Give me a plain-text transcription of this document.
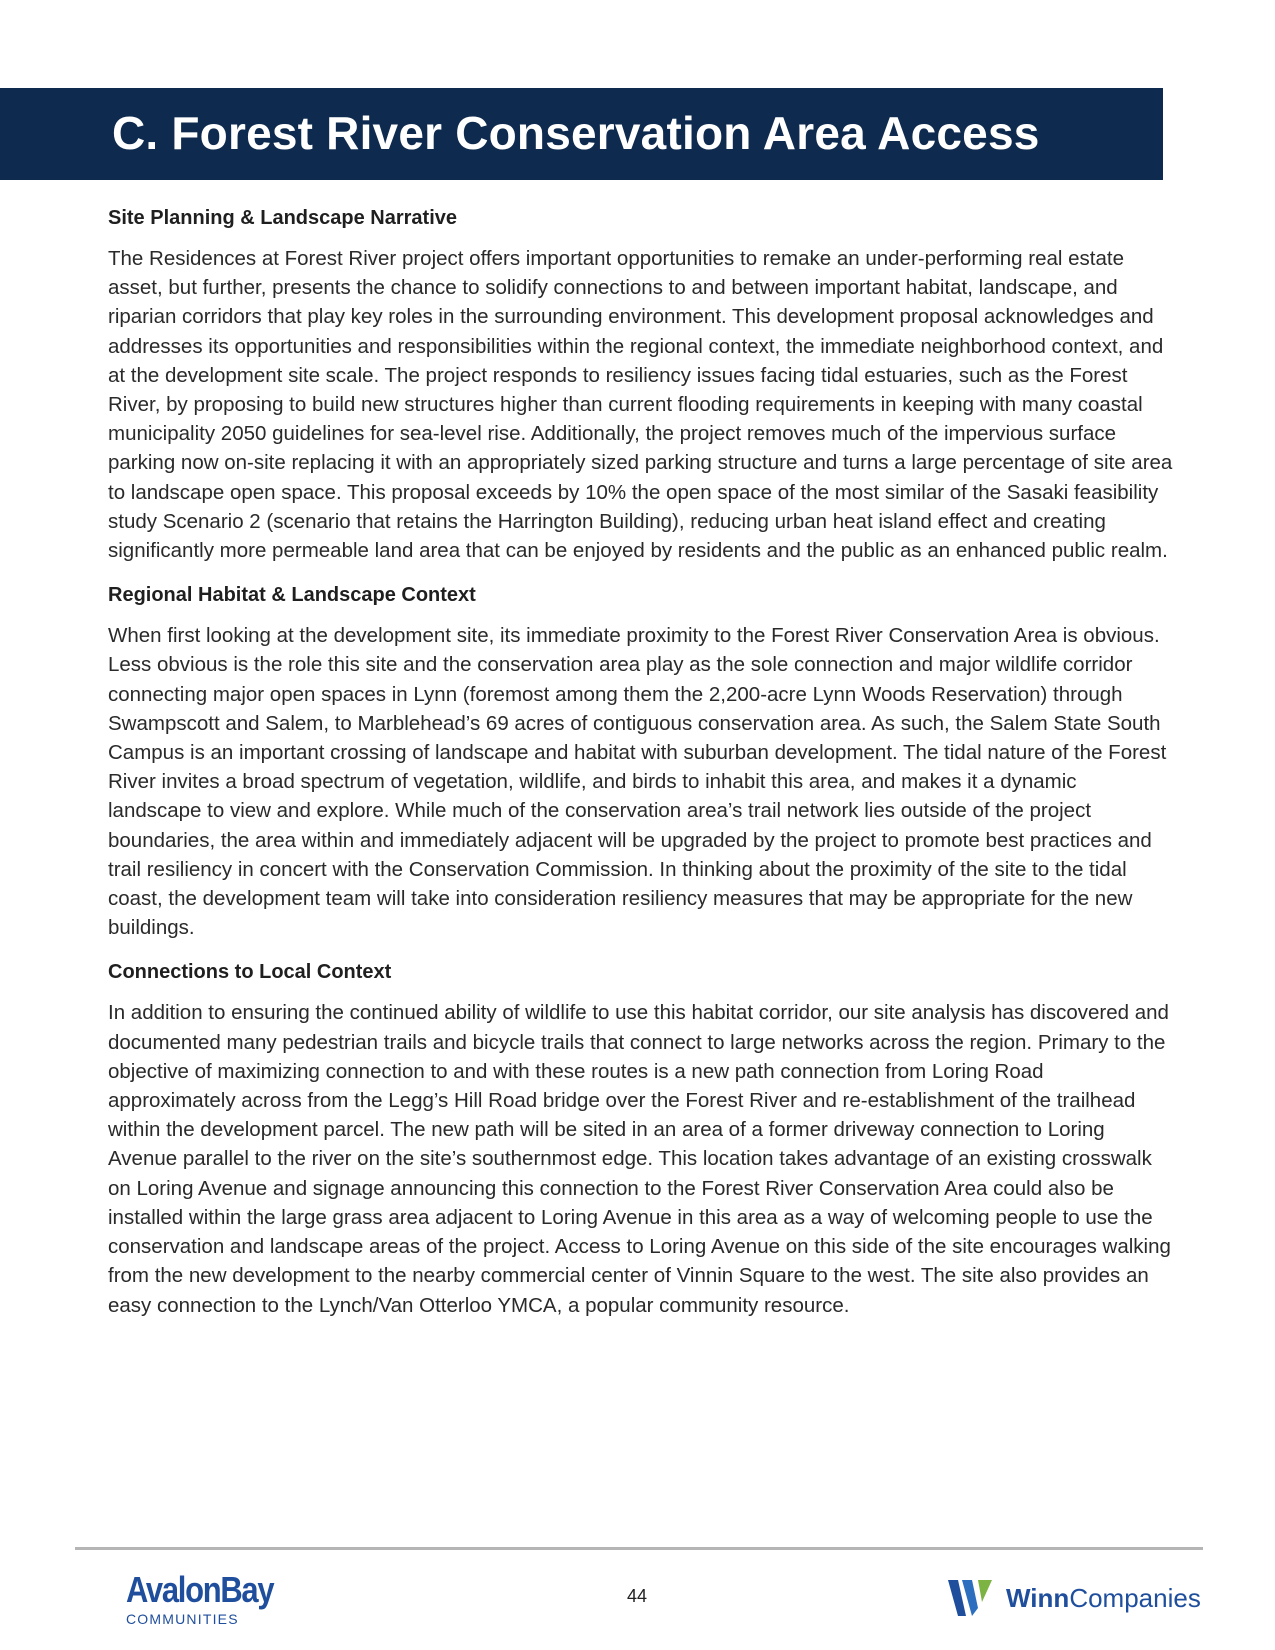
C. Forest River Conservation Area Access
Site Planning & Landscape Narrative

The Residences at Forest River project offers important opportunities to remake an under-performing real estate asset, but further, presents the chance to solidify connections to and between important habitat, landscape, and riparian corridors that play key roles in the surrounding environment. This development proposal acknowledges and addresses its opportunities and responsibilities within the regional context, the immediate neighborhood context, and at the development site scale. The project responds to resiliency issues facing tidal estuaries, such as the Forest River, by proposing to build new structures higher than current flooding requirements in keeping with many coastal municipality 2050 guidelines for sea-level rise. Additionally, the project removes much of the impervious surface parking now on-site replacing it with an appropriately sized parking structure and turns a large percentage of site area to landscape open space. This proposal exceeds by 10% the open space of the most similar of the Sasaki feasibility study Scenario 2 (scenario that retains the Harrington Building), reducing urban heat island effect and creating significantly more permeable land area that can be enjoyed by residents and the public as an enhanced public realm.

Regional Habitat & Landscape Context

When first looking at the development site, its immediate proximity to the Forest River Conservation Area is obvious. Less obvious is the role this site and the conservation area play as the sole connection and major wildlife corridor connecting major open spaces in Lynn (foremost among them the 2,200-acre Lynn Woods Reservation) through Swampscott and Salem, to Marblehead’s 69 acres of contiguous conservation area. As such, the Salem State South Campus is an important crossing of landscape and habitat with suburban development. The tidal nature of the Forest River invites a broad spectrum of vegetation, wildlife, and birds to inhabit this area, and makes it a dynamic landscape to view and explore. While much of the conservation area’s trail network lies outside of the project boundaries, the area within and immediately adjacent will be upgraded by the project to promote best practices and trail resiliency in concert with the Conservation Commission. In thinking about the proximity of the site to the tidal coast, the development team will take into consideration resiliency measures that may be appropriate for the new buildings.

Connections to Local Context

In addition to ensuring the continued ability of wildlife to use this habitat corridor, our site analysis has discovered and documented many pedestrian trails and bicycle trails that connect to large networks across the region. Primary to the objective of maximizing connection to and with these routes is a new path connection from Loring Road approximately across from the Legg’s Hill Road bridge over the Forest River and re-establishment of the trailhead within the development parcel. The new path will be sited in an area of a former driveway connection to Loring Avenue parallel to the river on the site’s southernmost edge. This location takes advantage of an existing crosswalk on Loring Avenue and signage announcing this connection to the Forest River Conservation Area could also be installed within the large grass area adjacent to Loring Avenue in this area as a way of welcoming people to use the conservation and landscape areas of the project. Access to Loring Avenue on this side of the site encourages walking from the new development to the nearby commercial center of Vinnin Square to the west. The site also provides an easy connection to the Lynch/Van Otterloo YMCA, a popular community resource.

AvalonBay
COMMUNITIES
44	WinnCompanies
